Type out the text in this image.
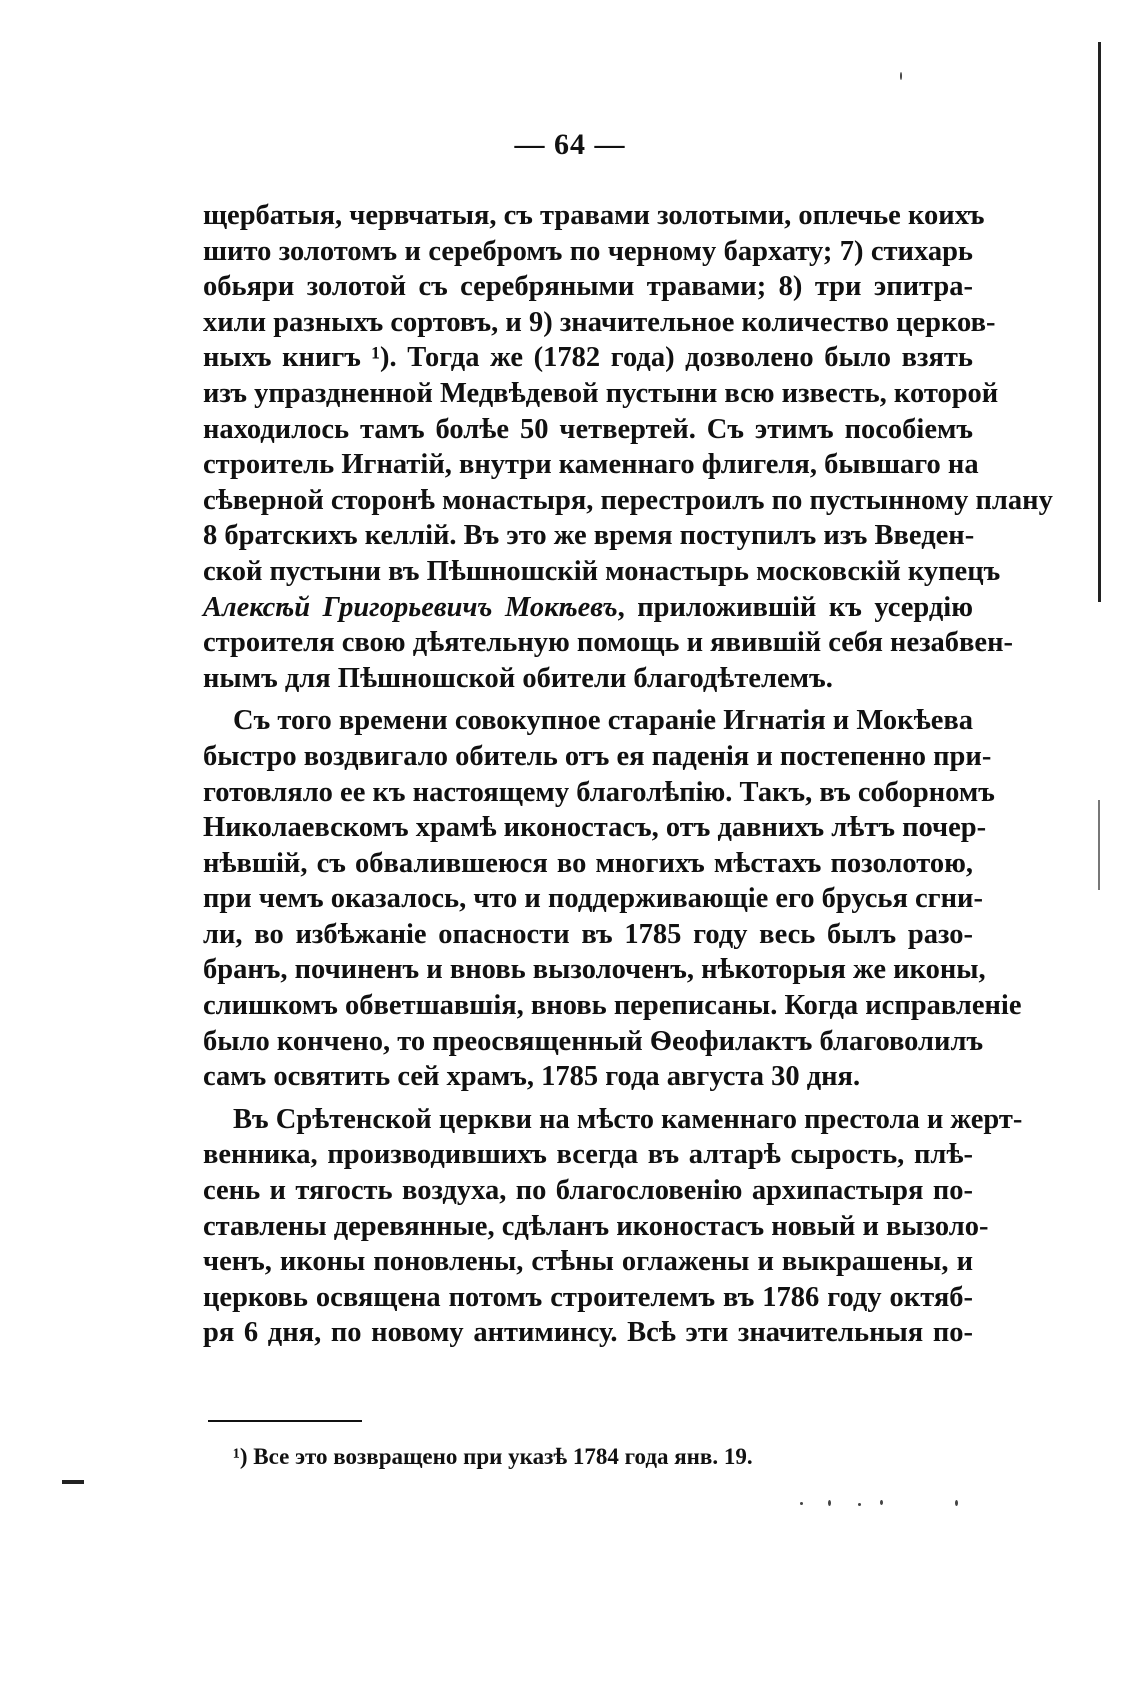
— 64 —
щербатыя, червчатыя, съ травами золотыми, оплечье коихъ
шито золотомъ и серебромъ по черному бархату; 7) стихарь
обьяри золотой съ серебряными травами; 8) три эпитра-
хили разныхъ сортовъ, и 9) значительное количество церков-
ныхъ книгъ ¹). Тогда же (1782 года) дозволено было взять
изъ упраздненной Медвѣдевой пустыни всю известь, которой
находилось тамъ болѣе 50 четвертей. Съ этимъ пособіемъ
строитель Игнатій, внутри каменнаго флигеля, бывшаго на
сѣверной сторонѣ монастыря, перестроилъ по пустынному плану
8 братскихъ келлій. Въ это же время поступилъ изъ Введен-
ской пустыни въ Пѣшношскій монастырь московскій купецъ
Алексѣй Григорьевичъ Мокѣевъ, приложившій къ усердію
строителя свою дѣятельную помощь и явившій себя незабвен-
нымъ для Пѣшношской обители благодѣтелемъ.
Съ того времени совокупное стараніе Игнатія и Мокѣева
быстро воздвигало обитель отъ ея паденія и постепенно при-
готовляло ее къ настоящему благолѣпію. Такъ, въ соборномъ
Николаевскомъ храмѣ иконостасъ, отъ давнихъ лѣтъ почер-
нѣвшій, съ обвалившеюся во многихъ мѣстахъ позолотою,
при чемъ оказалось, что и поддерживающіе его брусья сгни-
ли, во избѣжаніе опасности въ 1785 году весь былъ разо-
бранъ, починенъ и вновь вызолоченъ, нѣкоторыя же иконы,
слишкомъ обветшавшія, вновь переписаны. Когда исправленіе
было кончено, то преосвященный Ѳеофилактъ благоволилъ
самъ освятить сей храмъ, 1785 года августа 30 дня.
Въ Срѣтенской церкви на мѣсто каменнаго престола и жерт-
венника, производившихъ всегда въ алтарѣ сырость, плѣ-
сень и тягость воздуха, по благословенію архипастыря по-
ставлены деревянные, сдѣланъ иконостасъ новый и вызоло-
ченъ, иконы поновлены, стѣны оглажены и выкрашены, и
церковь освящена потомъ строителемъ въ 1786 году октяб-
ря 6 дня, по новому антиминсу. Всѣ эти значительныя по-
¹) Все это возвращено при указѣ 1784 года янв. 19.
